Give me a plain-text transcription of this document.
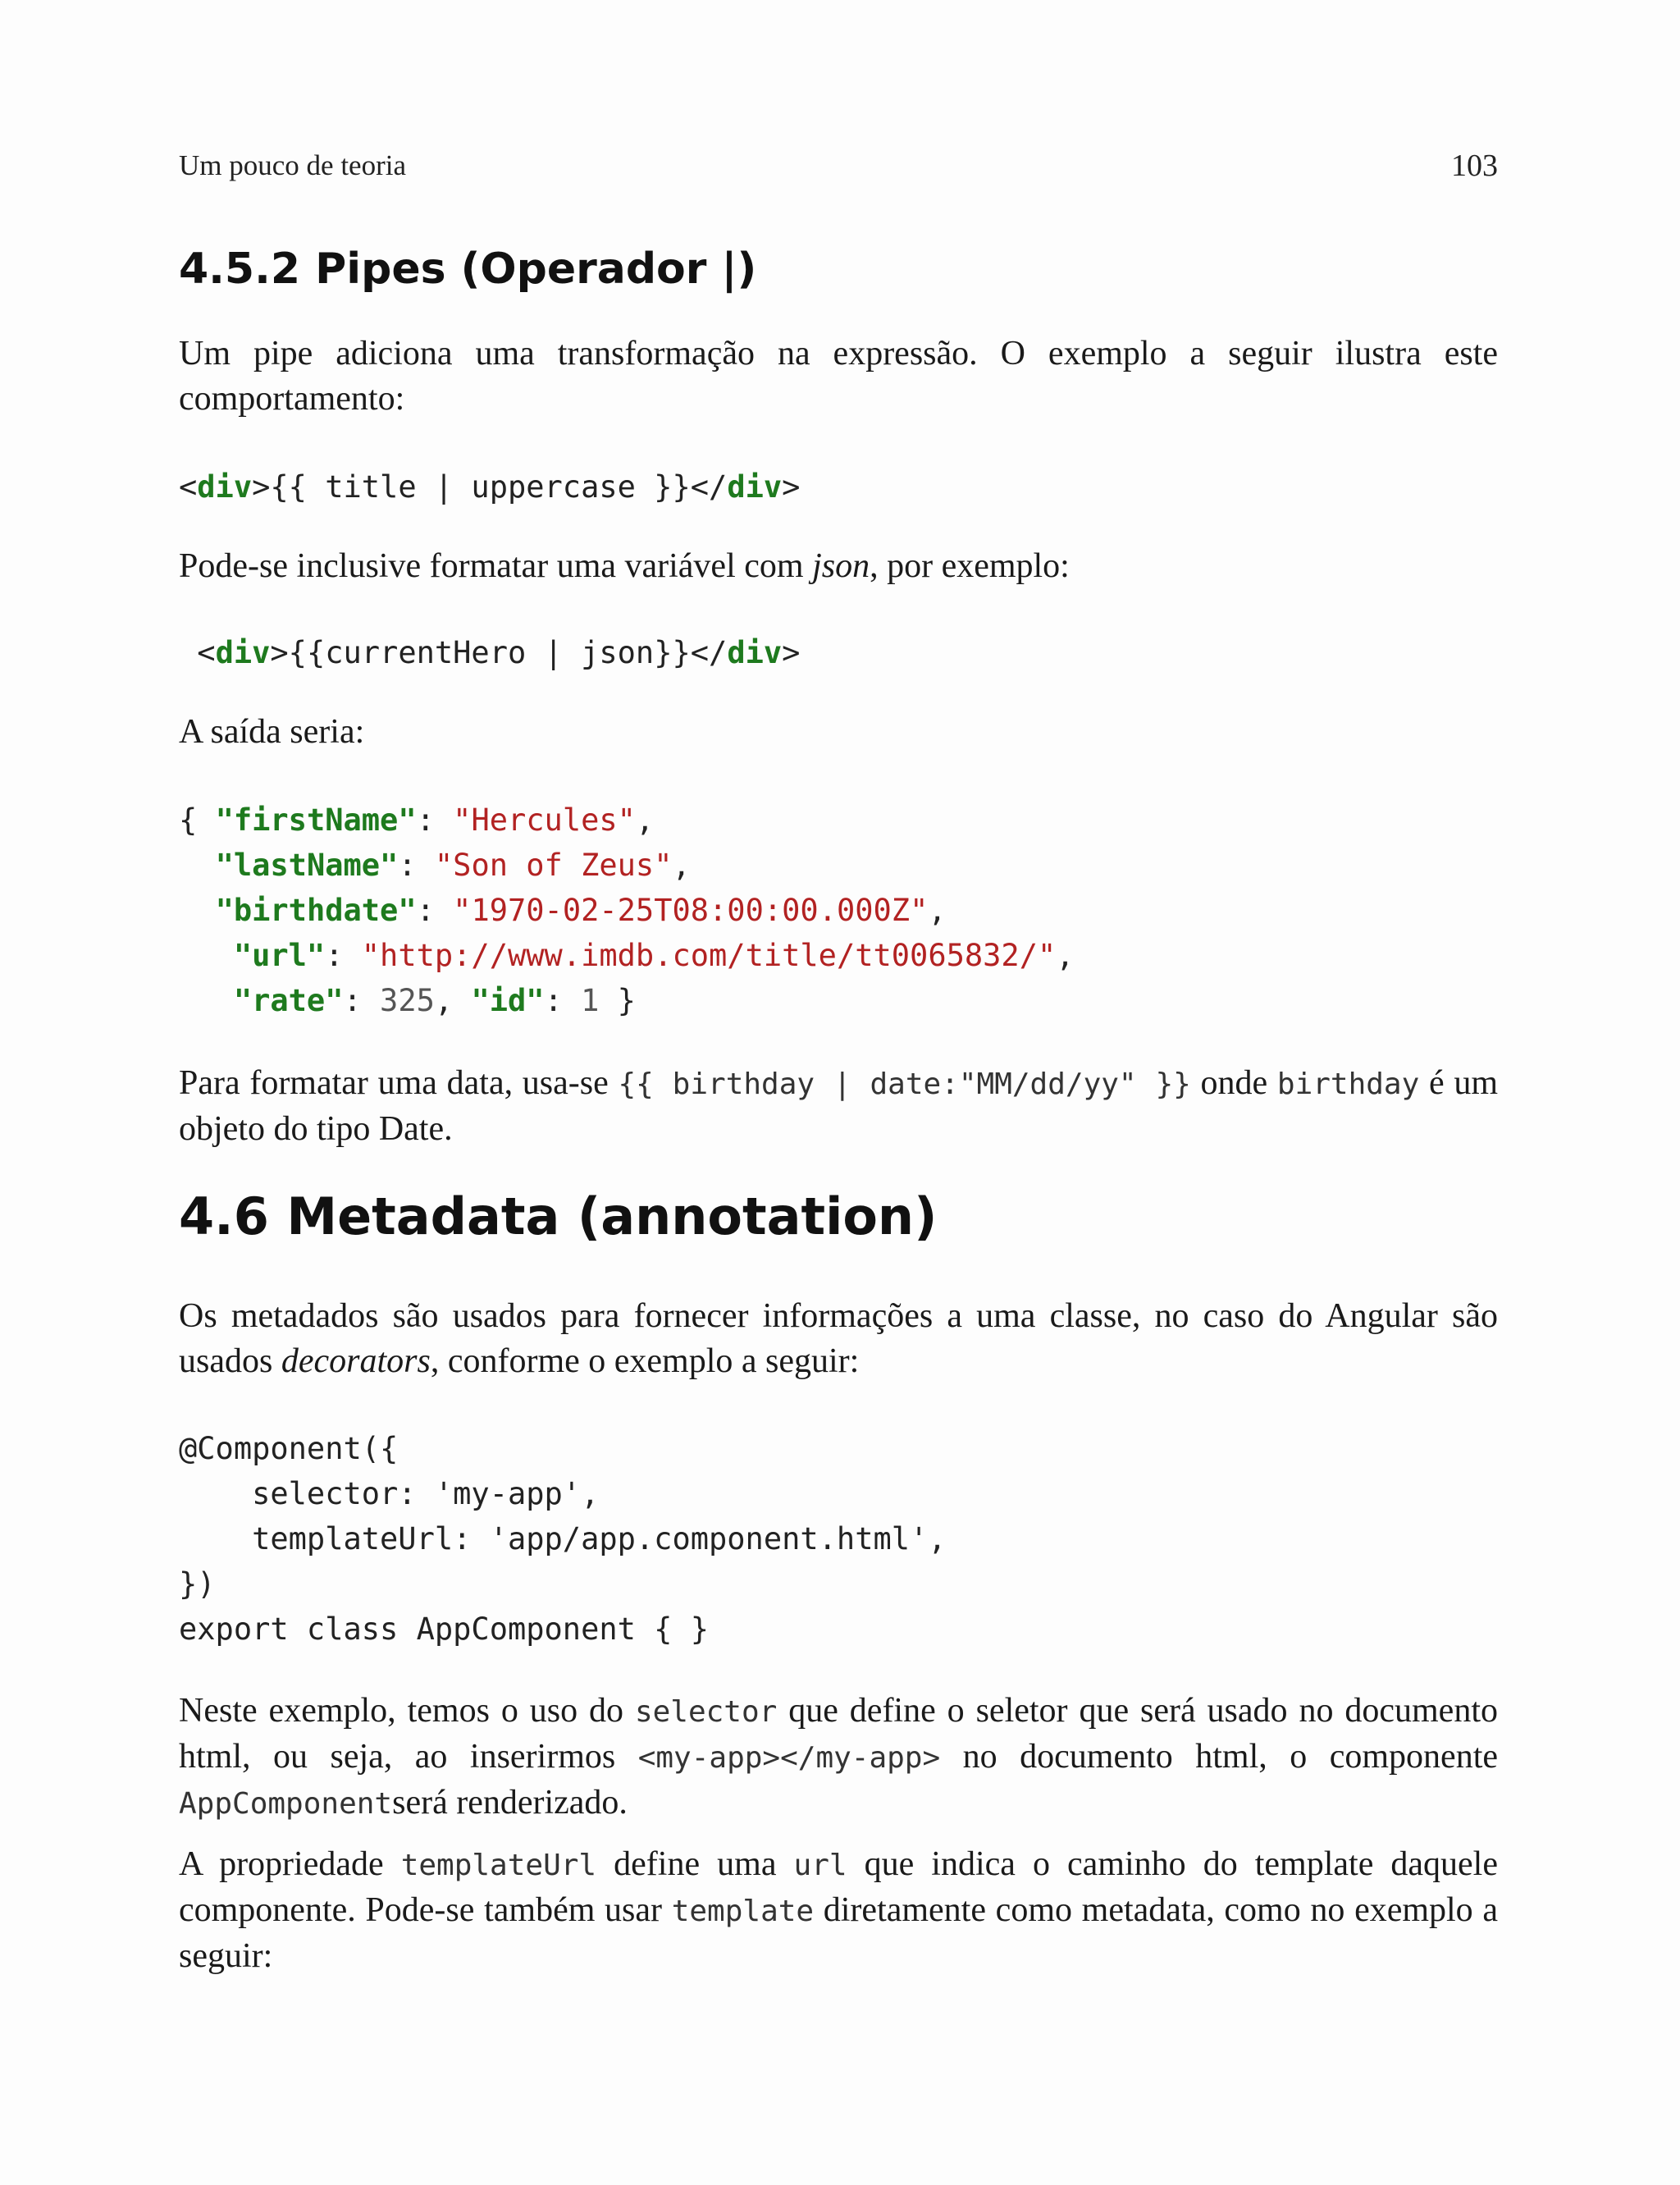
Um pouco de teoria	103
4.5.2 Pipes (Operador |)

Um pipe adiciona uma transformação na expressão. O exemplo a seguir ilustra este comportamento:

<div>{{ title | uppercase }}</div>

Pode-se inclusive formatar uma variável com json, por exemplo:

<div>{{currentHero | json}}</div>

A saída seria:

{ "firstName": "Hercules",
"lastName": "Son of Zeus",
"birthdate": "1970-02-25T08:00:00.000Z",
"url": "http://www.imdb.com/title/tt0065832/",
"rate": 325, "id": 1 }

Para formatar uma data, usa-se {{ birthday | date:"MM/dd/yy" }} onde birthday é um objeto do tipo Date.

4.6 Metadata (annotation)

Os metadados são usados para fornecer informações a uma classe, no caso do Angular são usados decorators, conforme o exemplo a seguir:

@Component({
selector: 'my-app',
templateUrl: 'app/app.component.html',
})
export class AppComponent { }

Neste exemplo, temos o uso do selector que define o seletor que será usado no documento html, ou seja, ao inserirmos <my-app></my-app> no documento html, o componente AppComponentserá renderizado.

A propriedade templateUrl define uma url que indica o caminho do template daquele componente. Pode-se também usar template diretamente como metadata, como no exemplo a seguir:
